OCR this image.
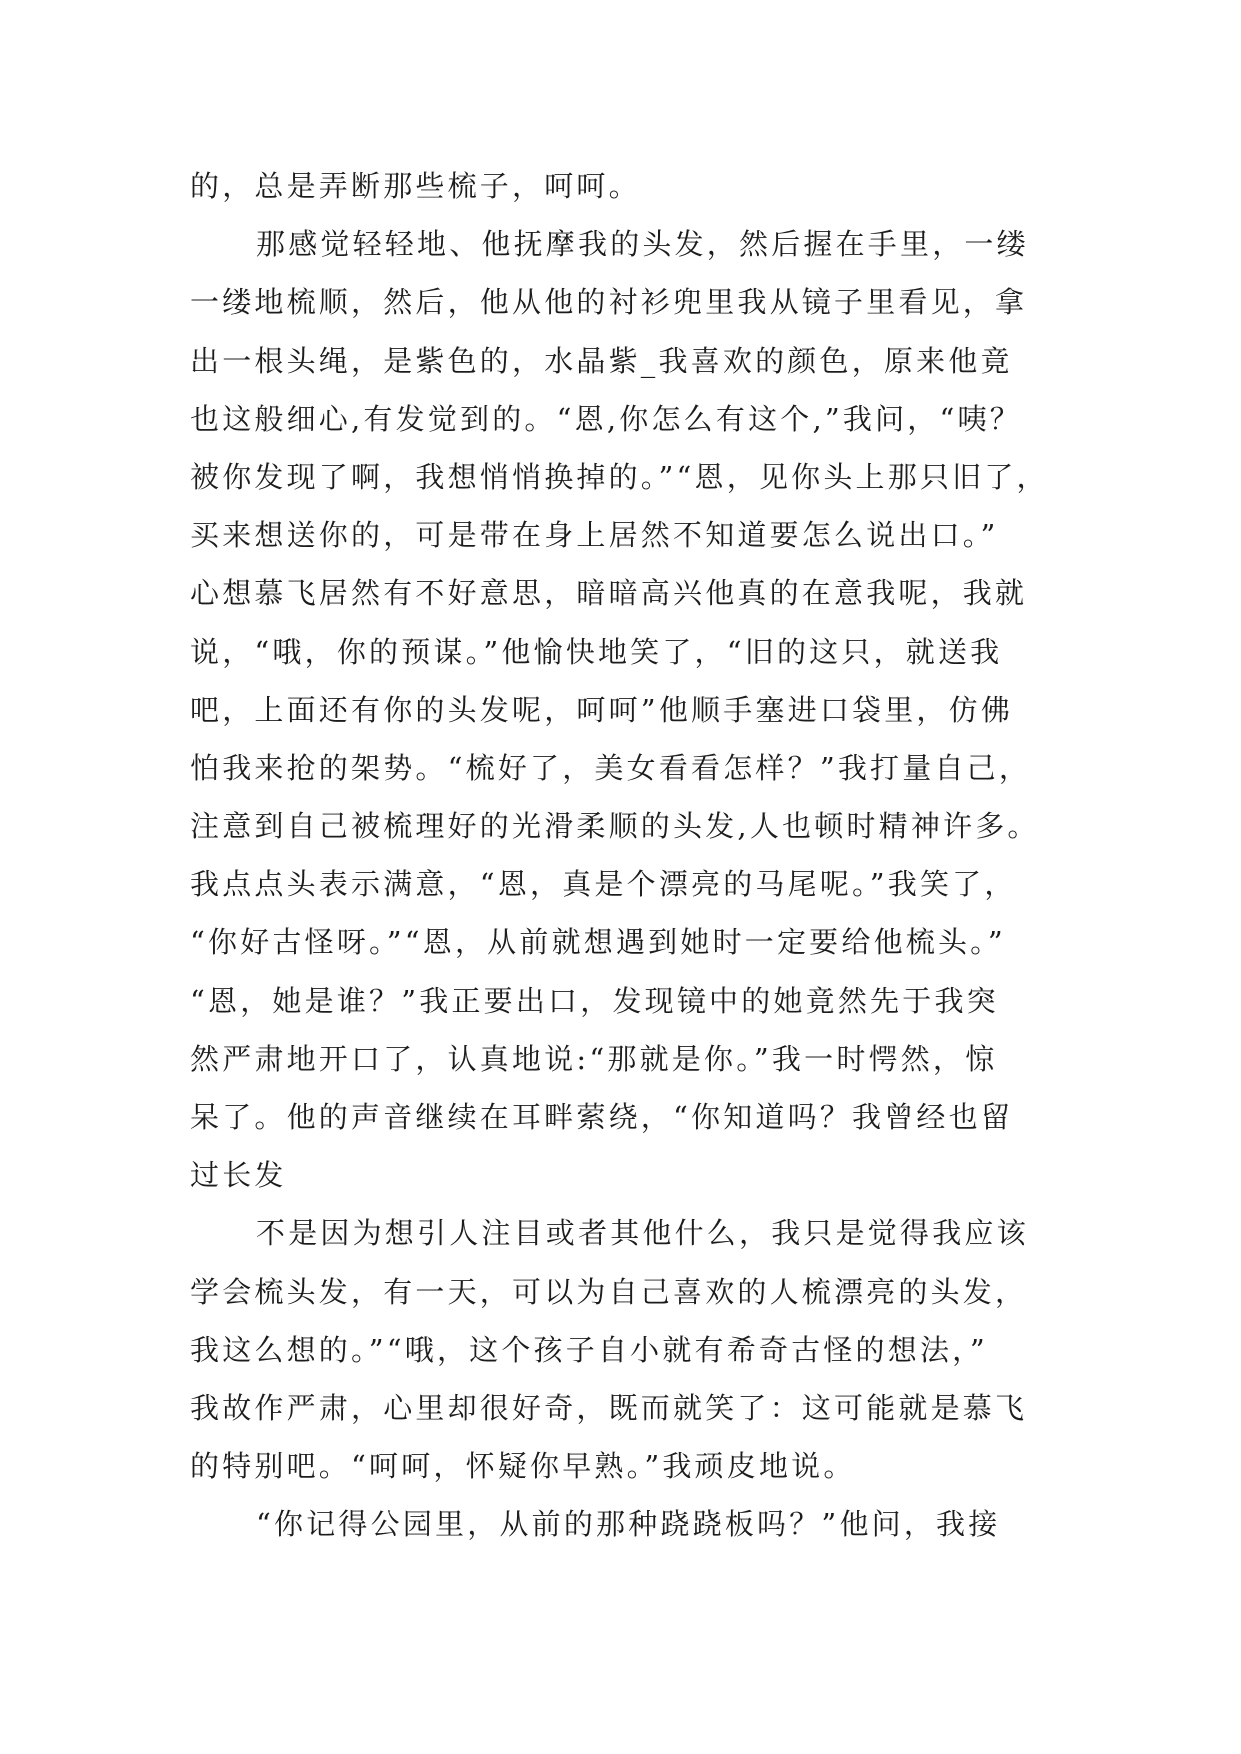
的，总是弄断那些梳子，呵呵。
那感觉轻轻地、他抚摩我的头发，然后握在手里，一缕
一缕地梳顺，然后，他从他的衬衫兜里我从镜子里看见，拿
出一根头绳，是紫色的，水晶紫_我喜欢的颜色，原来他竟
也这般细心,有发觉到的。“恩,你怎么有这个,”我问，“咦？
被你发现了啊，我想悄悄换掉的。”“恩，见你头上那只旧了，
买来想送你的，可是带在身上居然不知道要怎么说出口。”
心想慕飞居然有不好意思，暗暗高兴他真的在意我呢，我就
说，“哦，你的预谋。”他愉快地笑了，“旧的这只，就送我
吧，上面还有你的头发呢，呵呵”他顺手塞进口袋里，仿佛
怕我来抢的架势。“梳好了，美女看看怎样？”我打量自己，
注意到自己被梳理好的光滑柔顺的头发,人也顿时精神许多。
我点点头表示满意，“恩，真是个漂亮的马尾呢。”我笑了，
“你好古怪呀。”“恩，从前就想遇到她时一定要给他梳头。”
“恩，她是谁？”我正要出口，发现镜中的她竟然先于我突
然严肃地开口了，认真地说:“那就是你。”我一时愕然，惊
呆了。他的声音继续在耳畔萦绕，“你知道吗？我曾经也留
过长发
不是因为想引人注目或者其他什么，我只是觉得我应该
学会梳头发，有一天，可以为自己喜欢的人梳漂亮的头发，
我这么想的。”“哦，这个孩子自小就有希奇古怪的想法，”
我故作严肃，心里却很好奇，既而就笑了：这可能就是慕飞
的特别吧。“呵呵，怀疑你早熟。”我顽皮地说。
“你记得公园里，从前的那种跷跷板吗？”他问，我接
